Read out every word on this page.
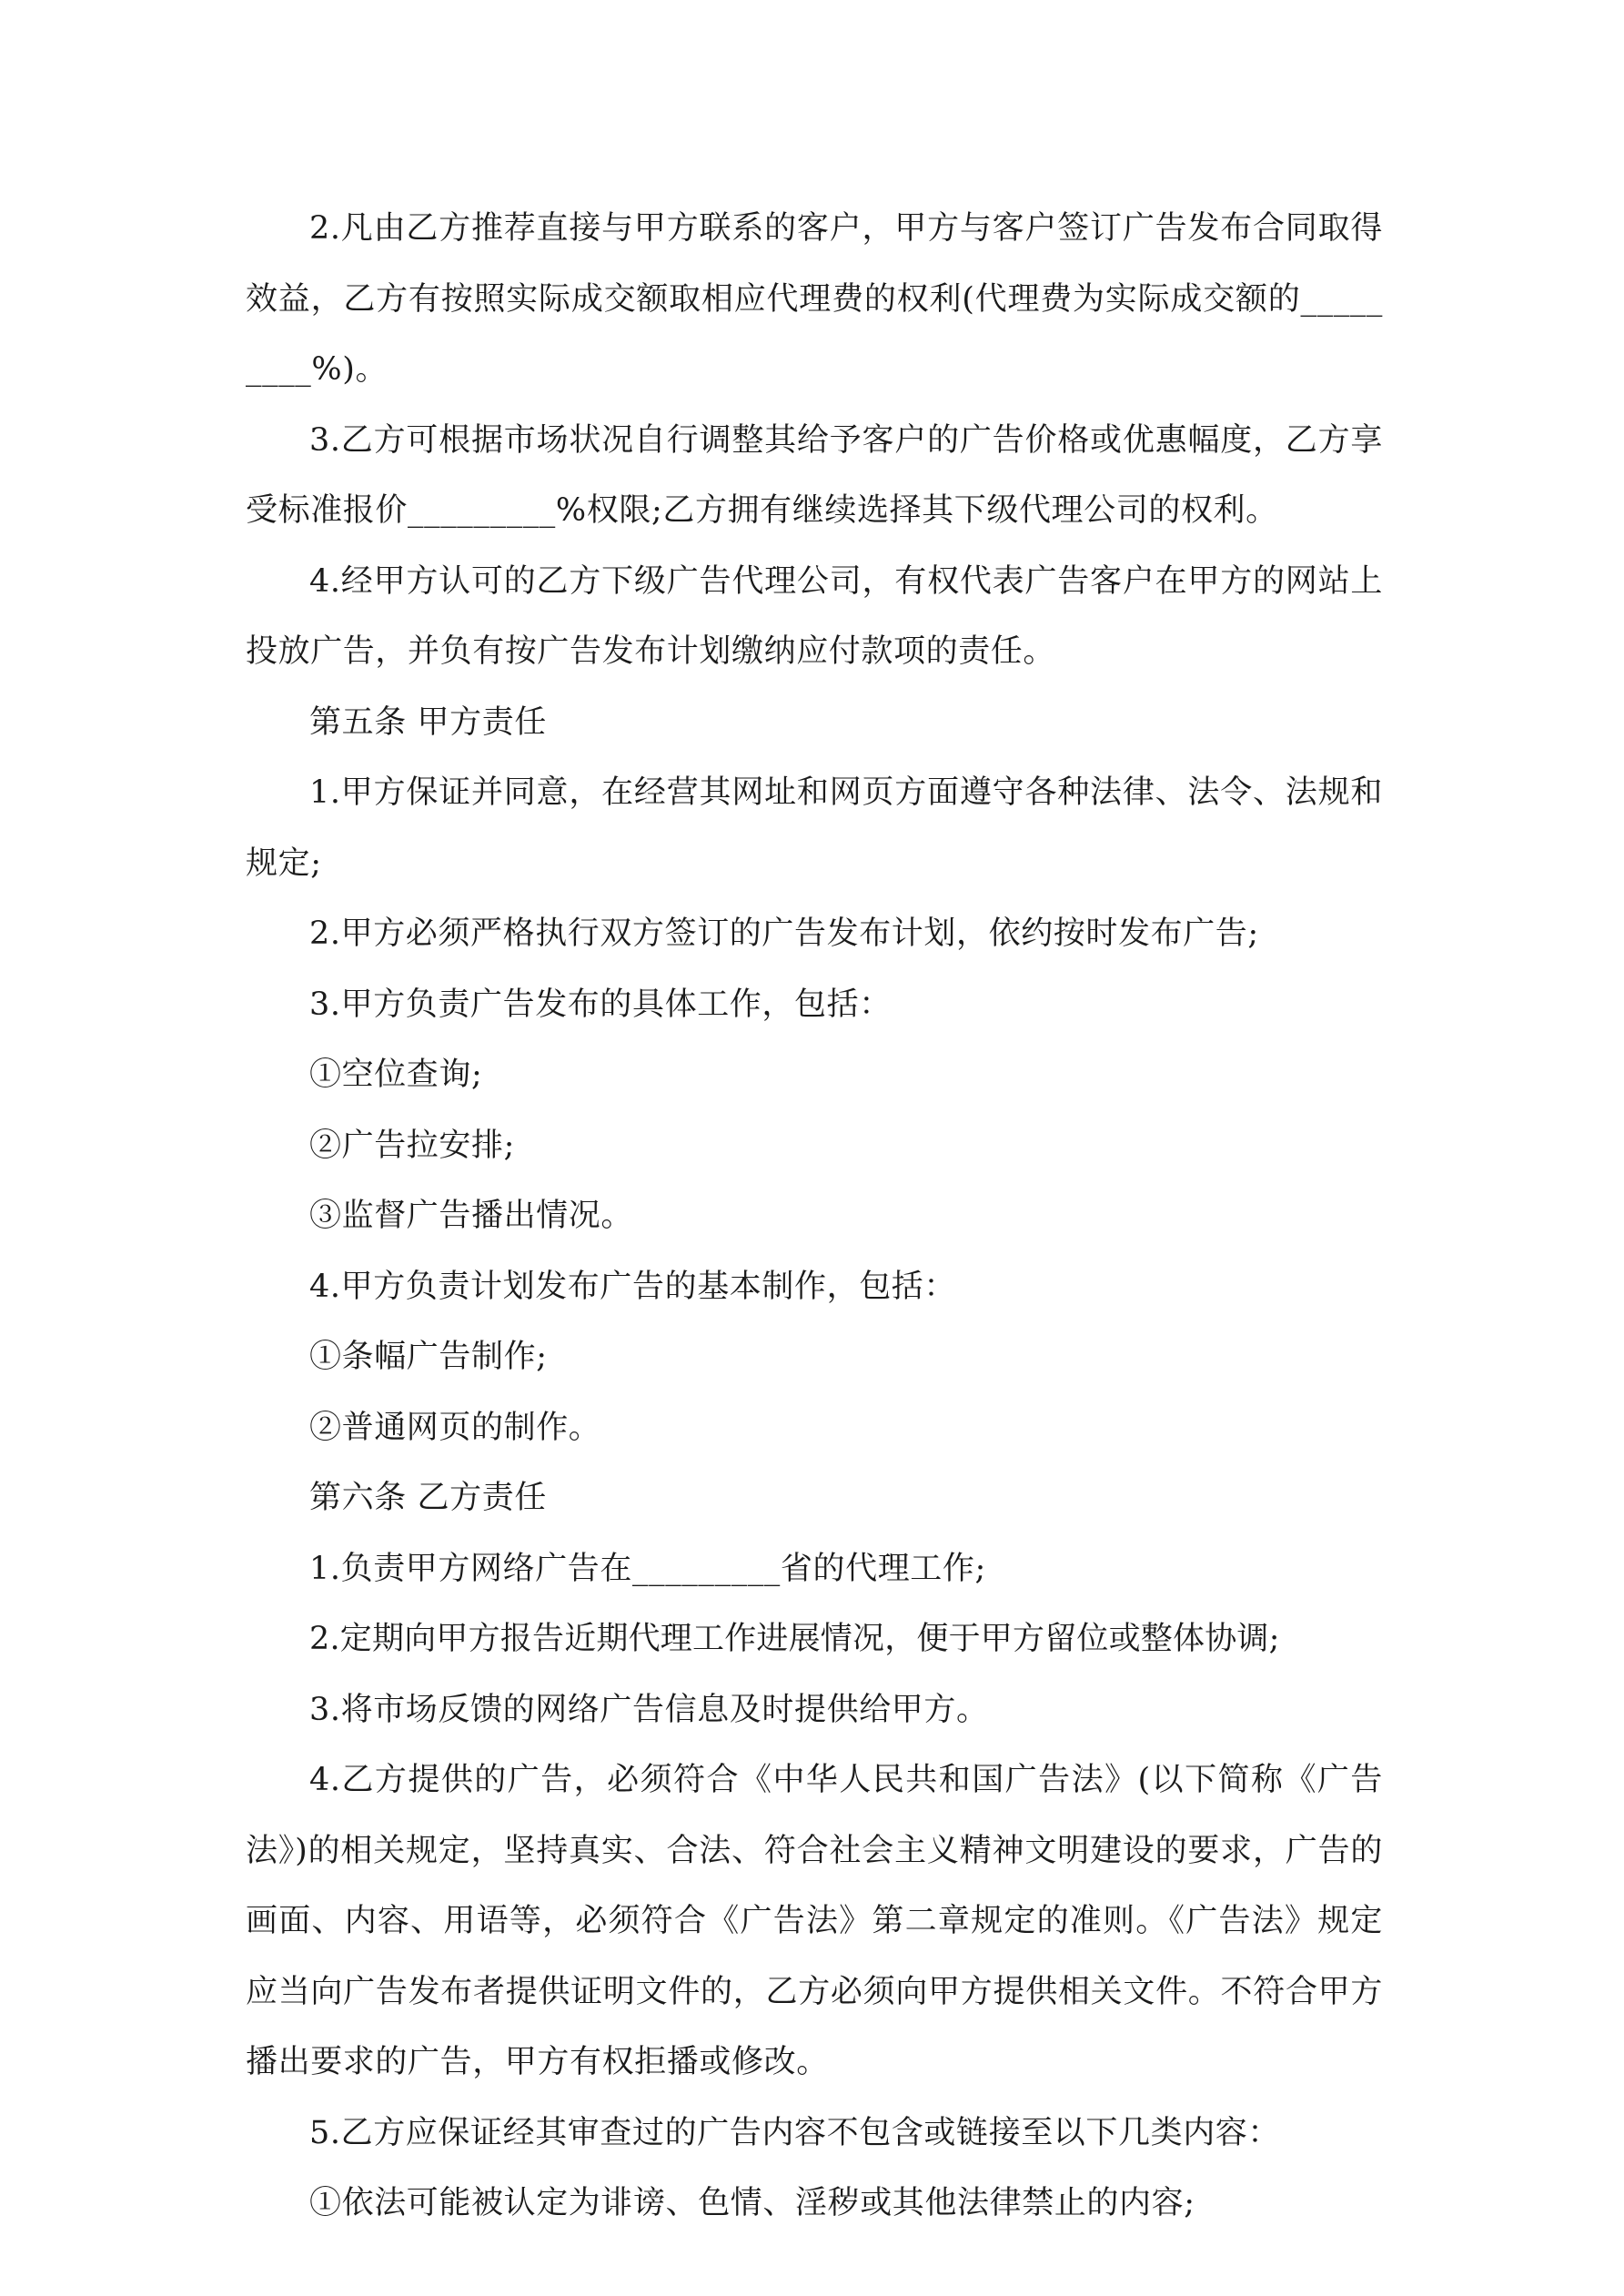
2.凡由乙方推荐直接与甲方联系的客户，甲方与客户签订广告发布合同取得效益，乙方有按照实际成交额取相应代理费的权利(代理费为实际成交额的_________%)。

3.乙方可根据市场状况自行调整其给予客户的广告价格或优惠幅度，乙方享受标准报价_________%权限;乙方拥有继续选择其下级代理公司的权利。

4.经甲方认可的乙方下级广告代理公司，有权代表广告客户在甲方的网站上投放广告，并负有按广告发布计划缴纳应付款项的责任。

第五条 甲方责任

1.甲方保证并同意，在经营其网址和网页方面遵守各种法律、法令、法规和规定;

2.甲方必须严格执行双方签订的广告发布计划，依约按时发布广告;

3.甲方负责广告发布的具体工作，包括：

①空位查询;

②广告拉安排;

③监督广告播出情况。

4.甲方负责计划发布广告的基本制作，包括：

①条幅广告制作;

②普通网页的制作。

第六条 乙方责任

1.负责甲方网络广告在_________省的代理工作;

2.定期向甲方报告近期代理工作进展情况，便于甲方留位或整体协调;

3.将市场反馈的网络广告信息及时提供给甲方。

4.乙方提供的广告，必须符合《中华人民共和国广告法》(以下简称《广告法》)的相关规定，坚持真实、合法、符合社会主义精神文明建设的要求，广告的画面、内容、用语等，必须符合《广告法》第二章规定的准则。《广告法》规定应当向广告发布者提供证明文件的，乙方必须向甲方提供相关文件。不符合甲方播出要求的广告，甲方有权拒播或修改。

5.乙方应保证经其审查过的广告内容不包含或链接至以下几类内容：

①依法可能被认定为诽谤、色情、淫秽或其他法律禁止的内容;
